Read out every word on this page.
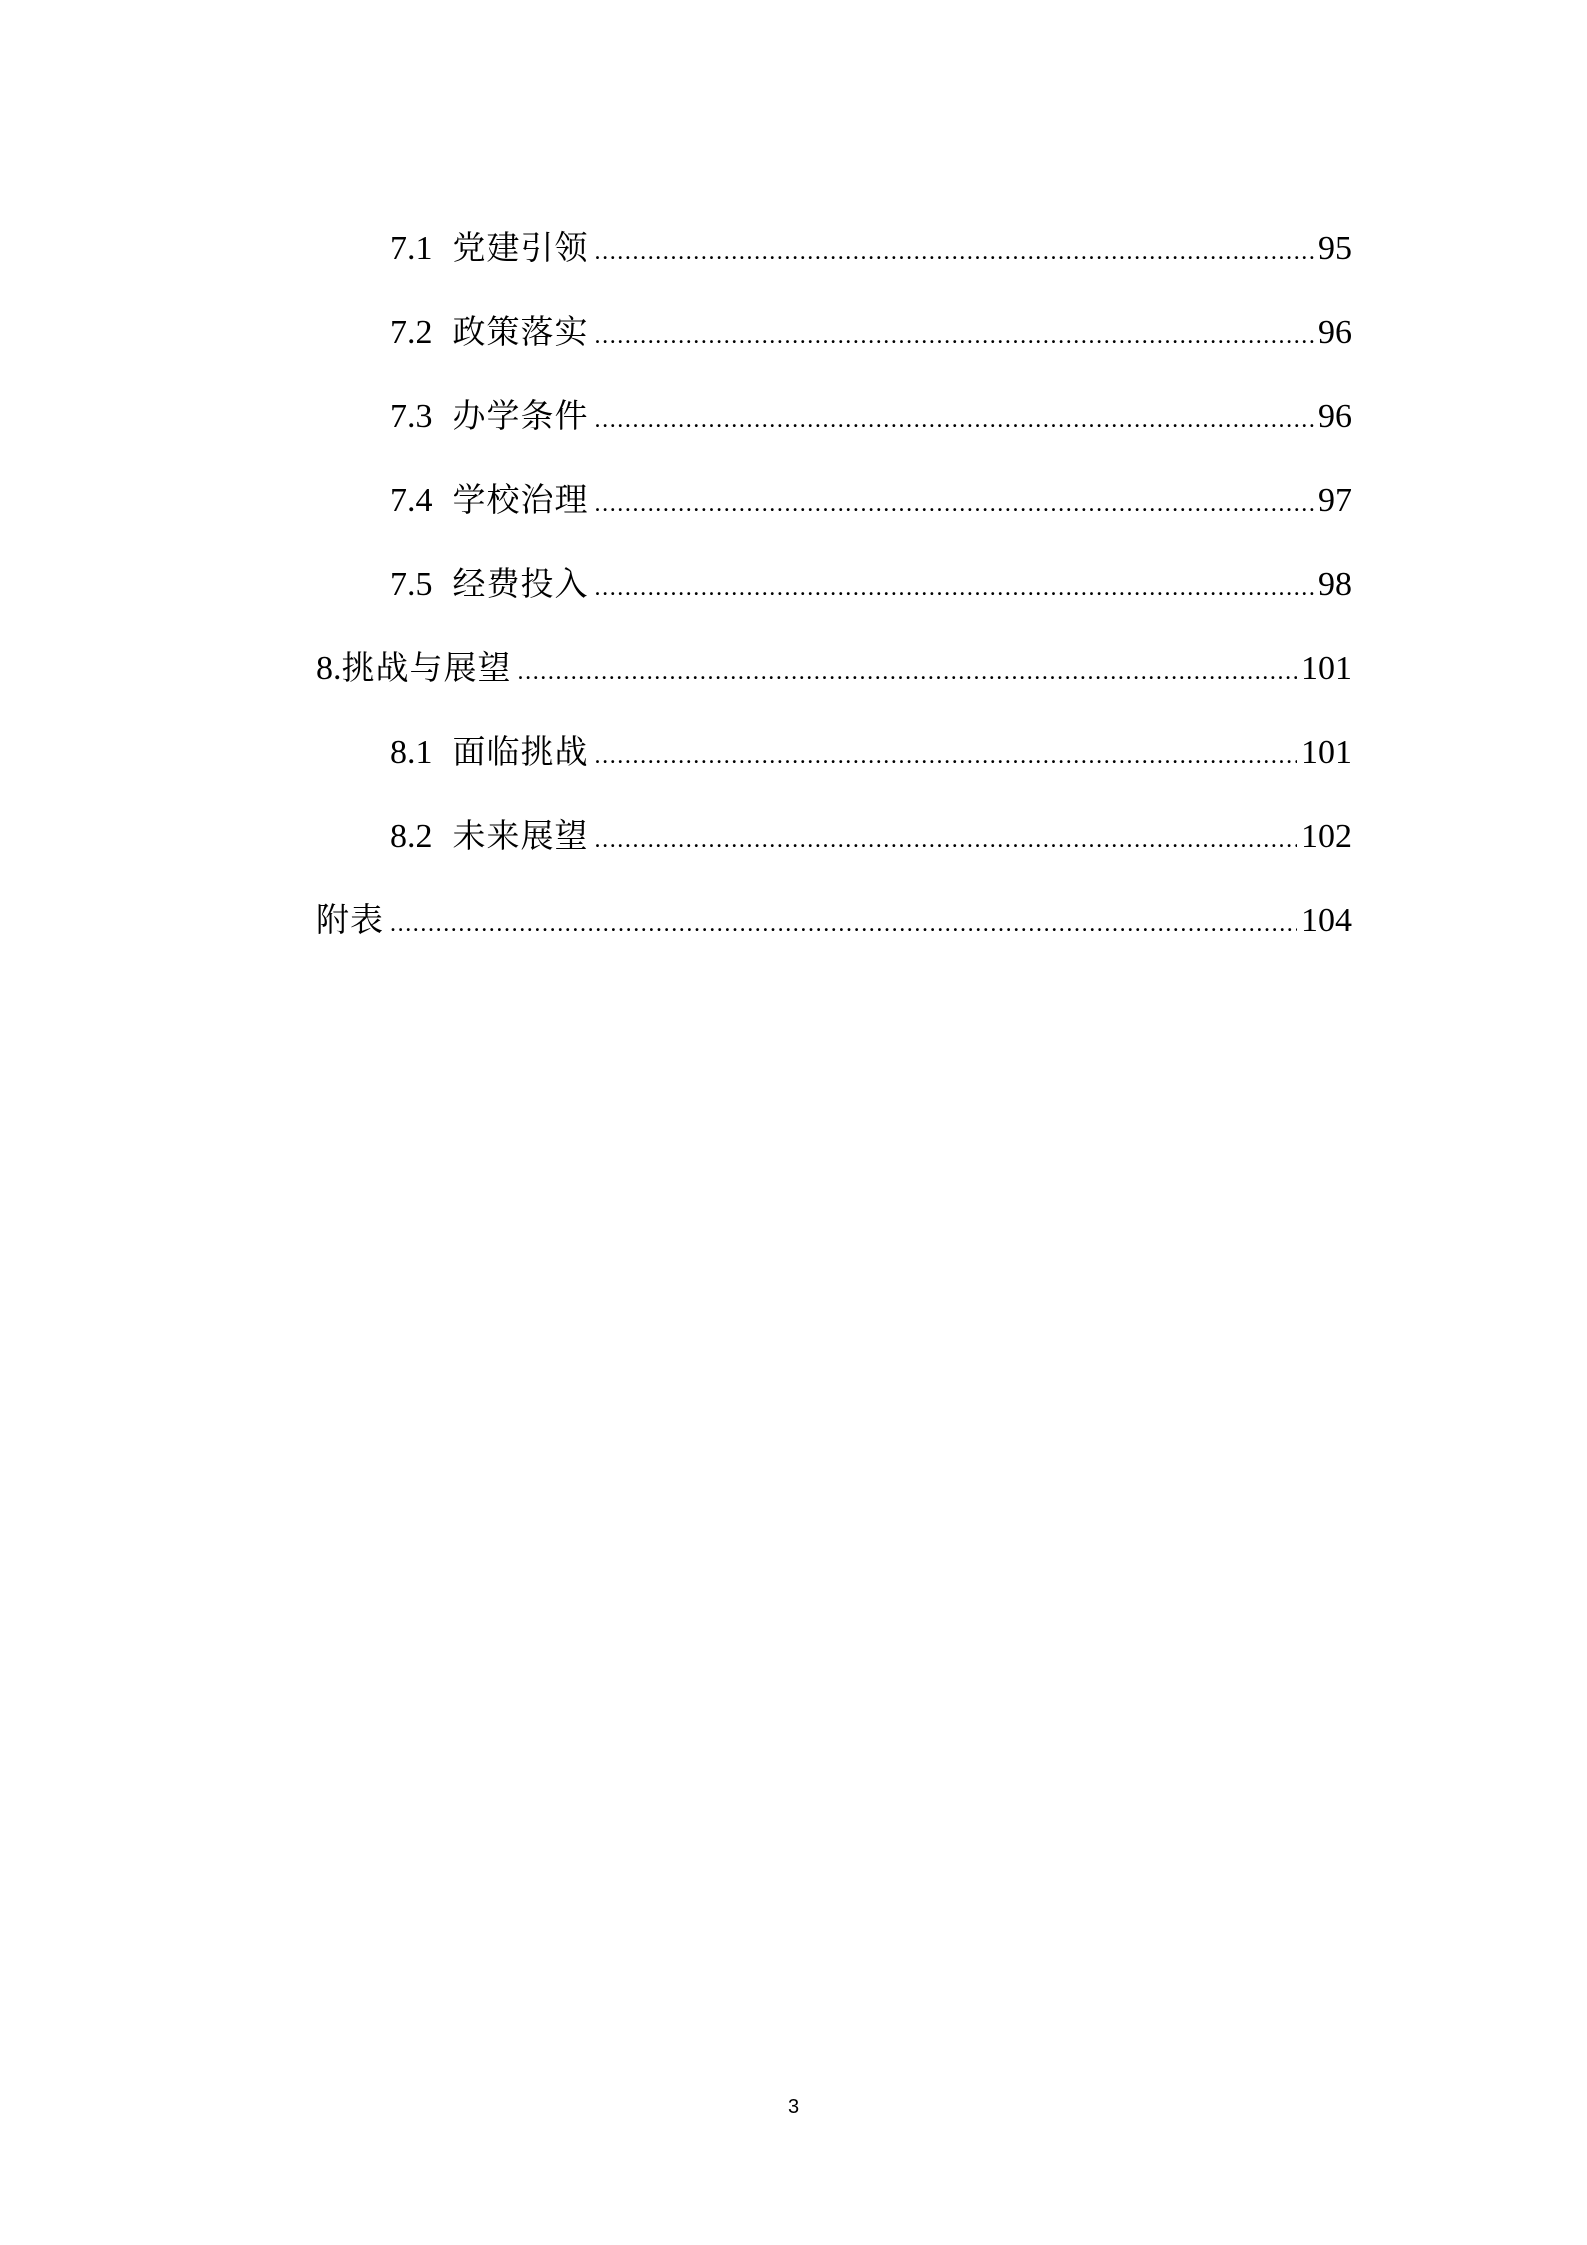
7.1 党建引领 .....	95
7.2 政策落实 .....	96
7.3 办学条件 .....	96
7.4 学校治理 .....	97
7.5 经费投入 .....	98
8. 挑战与展望 .....	101
8.1 面临挑战 .....	101
8.2 未来展望 .....	102
附表 .....	104
3
